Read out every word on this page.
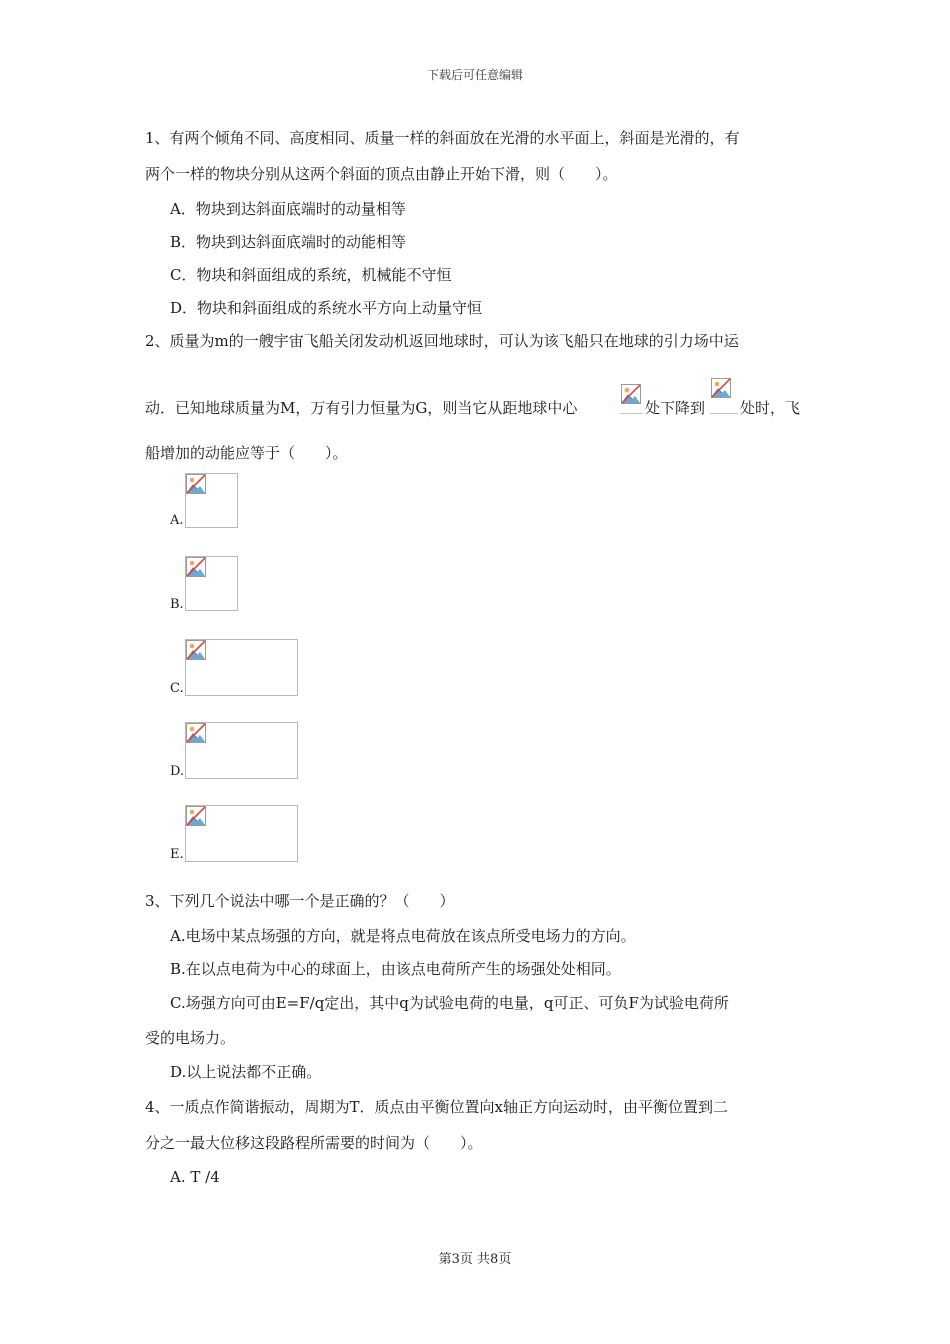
下载后可任意编辑
1、有两个倾角不同、高度相同、质量一样的斜面放在光滑的水平面上，斜面是光滑的，有
两个一样的物块分别从这两个斜面的顶点由静止开始下滑，则（　　）。
A．物块到达斜面底端时的动量相等
B．物块到达斜面底端时的动能相等
C．物块和斜面组成的系统，机械能不守恒
D．物块和斜面组成的系统水平方向上动量守恒
2、质量为m的一艘宇宙飞船关闭发动机返回地球时，可认为该飞船只在地球的引力场中运
动．已知地球质量为M，万有引力恒量为G，则当它从距地球中心	处下降到 处时，飞
船增加的动能应等于（　　）。
A.
B.
C.
D.
E.
3、下列几个说法中哪一个是正确的？（　　）
A.电场中某点场强的方向，就是将点电荷放在该点所受电场力的方向。
B.在以点电荷为中心的球面上，由该点电荷所产生的场强处处相同。
C.场强方向可由E=F/q定出，其中q为试验电荷的电量，q可正、可负F为试验电荷所
受的电场力。
D.以上说法都不正确。
4、一质点作简谐振动，周期为T．质点由平衡位置向x轴正方向运动时，由平衡位置到二
分之一最大位移这段路程所需要的时间为（　　）。
A. T /4
第3页 共8页
